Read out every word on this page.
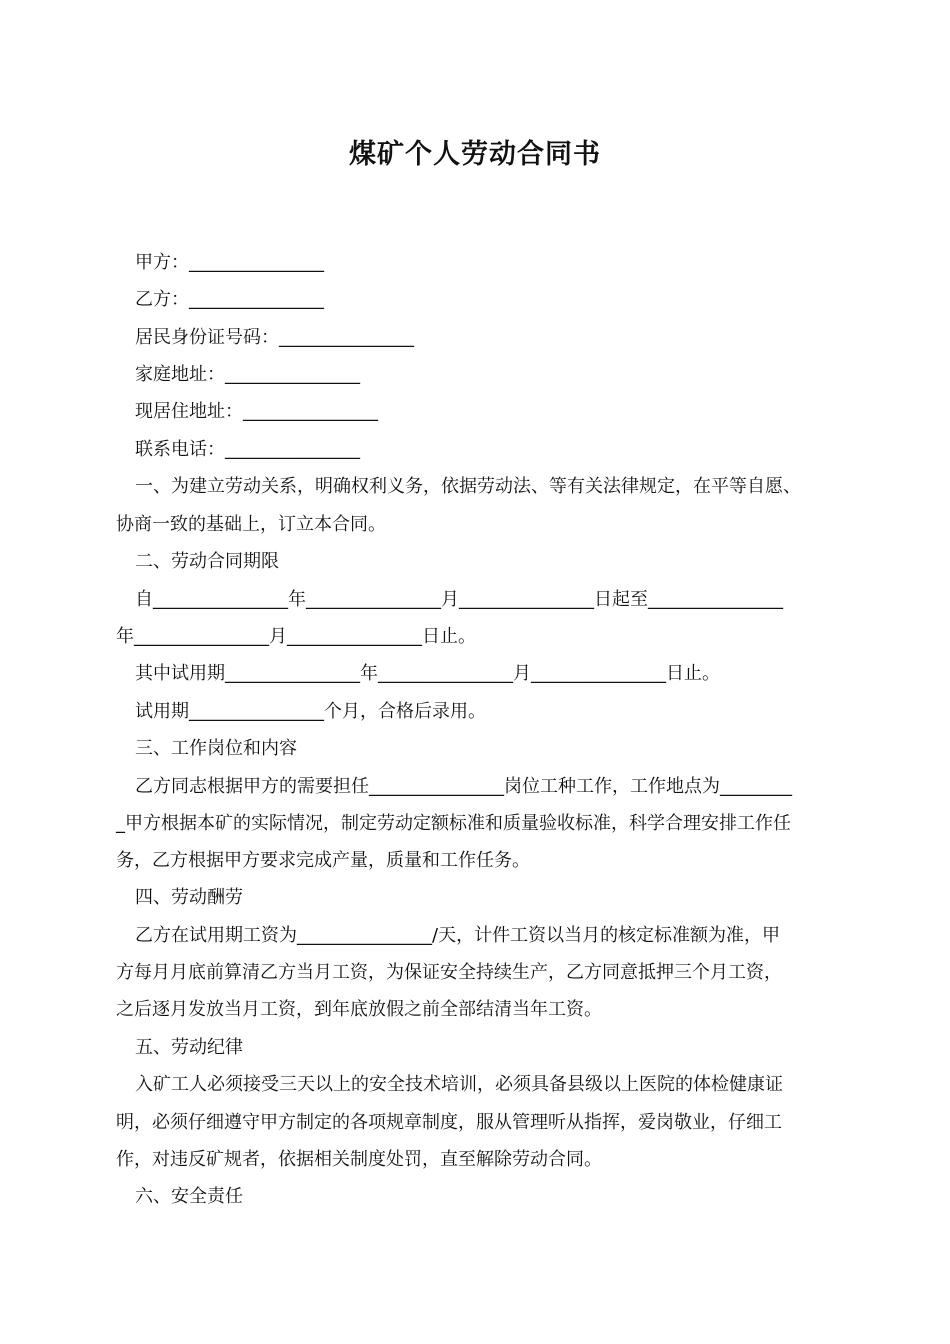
煤矿个人劳动合同书

甲方：_______________

乙方：_______________

居民身份证号码：_______________

家庭地址：_______________

现居住地址：_______________

联系电话：_______________

一、为建立劳动关系，明确权利义务，依据劳动法、等有关法律规定，在平等自愿、

协商一致的基础上，订立本合同。

二、劳动合同期限

自_______________年_______________月_______________日起至_______________

年_______________月_______________日止。

其中试用期_______________年_______________月_______________日止。

试用期_______________个月，合格后录用。

三、工作岗位和内容

乙方同志根据甲方的需要担任_______________岗位工种工作，工作地点为________

_甲方根据本矿的实际情况，制定劳动定额标准和质量验收标准，科学合理安排工作任

务，乙方根据甲方要求完成产量，质量和工作任务。

四、劳动酬劳

乙方在试用期工资为_______________/天，计件工资以当月的核定标准额为准，甲

方每月月底前算清乙方当月工资，为保证安全持续生产，乙方同意抵押三个月工资，

之后逐月发放当月工资，到年底放假之前全部结清当年工资。

五、劳动纪律

入矿工人必须接受三天以上的安全技术培训，必须具备县级以上医院的体检健康证

明，必须仔细遵守甲方制定的各项规章制度，服从管理听从指挥，爱岗敬业，仔细工

作，对违反矿规者，依据相关制度处罚，直至解除劳动合同。

六、安全责任
